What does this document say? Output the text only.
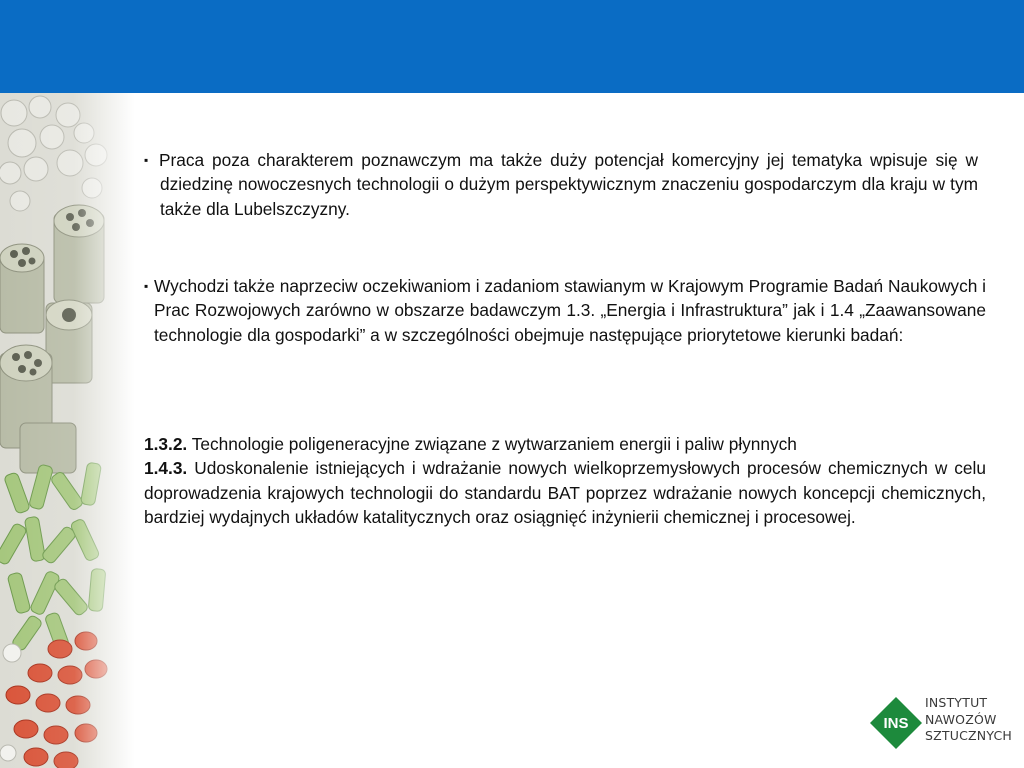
▪ Praca poza charakterem poznawczym ma także duży potencjał komercyjny jej tematyka wpisuje się w dziedzinę nowoczesnych technologii o dużym perspektywicznym znaczeniu gospodarczym dla kraju w tym także dla Lubelszczyzny.
▪ Wychodzi także naprzeciw oczekiwaniom i zadaniom stawianym w Krajowym Programie Badań Naukowych i Prac Rozwojowych zarówno w obszarze badawczym 1.3. „Energia i Infrastruktura” jak i 1.4 „Zaawansowane technologie dla gospodarki” a w szczególności obejmuje następujące priorytetowe kierunki badań:
1.3.2. Technologie poligeneracyjne związane z wytwarzaniem energii i paliw płynnych
1.4.3. Udoskonalenie istniejących i wdrażanie nowych wielkoprzemysłowych procesów chemicznych w celu doprowadzenia krajowych technologii do standardu BAT poprzez wdrażanie nowych koncepcji chemicznych, bardziej wydajnych układów katalitycznych oraz osiągnięć inżynierii chemicznej i procesowej.
INS
INSTYTUT
NAWOZÓW
SZTUCZNYCH
